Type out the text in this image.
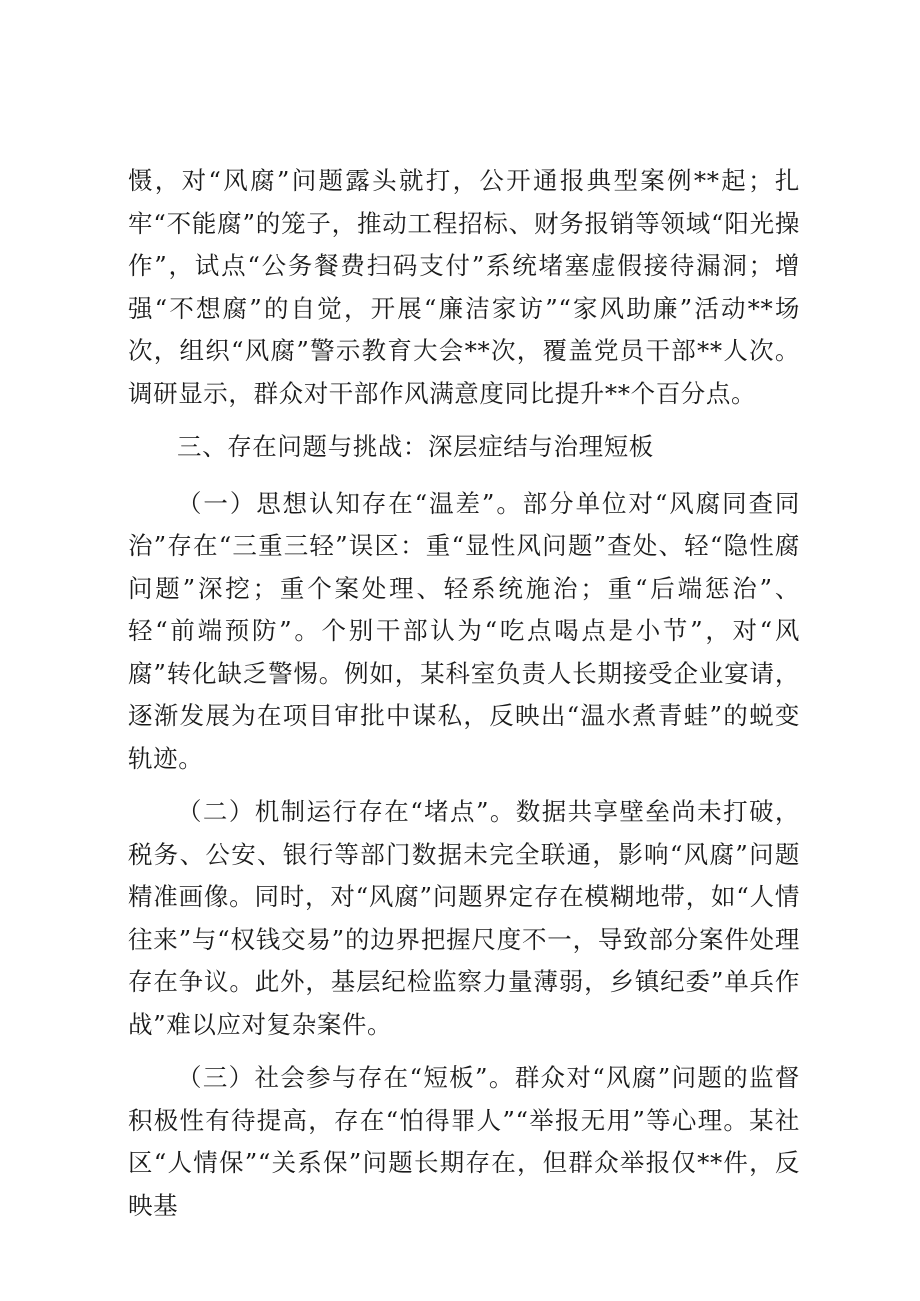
慑，对“风腐”问题露头就打，公开通报典型案例**起；扎牢“不能腐”的笼子，推动工程招标、财务报销等领域“阳光操作”，试点“公务餐费扫码支付”系统堵塞虚假接待漏洞；增强“不想腐”的自觉，开展“廉洁家访”“家风助廉”活动**场次，组织“风腐”警示教育大会**次，覆盖党员干部**人次。调研显示，群众对干部作风满意度同比提升**个百分点。

三、存在问题与挑战：深层症结与治理短板

（一）思想认知存在“温差”。部分单位对“风腐同查同治”存在“三重三轻”误区：重“显性风问题”查处、轻“隐性腐问题”深挖；重个案处理、轻系统施治；重“后端惩治”、轻“前端预防”。个别干部认为“吃点喝点是小节”，对“风腐”转化缺乏警惕。例如，某科室负责人长期接受企业宴请，逐渐发展为在项目审批中谋私，反映出“温水煮青蛙”的蜕变轨迹。

（二）机制运行存在“堵点”。数据共享壁垒尚未打破，税务、公安、银行等部门数据未完全联通，影响“风腐”问题精准画像。同时，对“风腐”问题界定存在模糊地带，如“人情往来”与“权钱交易”的边界把握尺度不一，导致部分案件处理存在争议。此外，基层纪检监察力量薄弱，乡镇纪委”单兵作战”难以应对复杂案件。

（三）社会参与存在“短板”。群众对“风腐”问题的监督积极性有待提高，存在“怕得罪人”“举报无用”等心理。某社区“人情保”“关系保”问题长期存在，但群众举报仅**件，反映基
